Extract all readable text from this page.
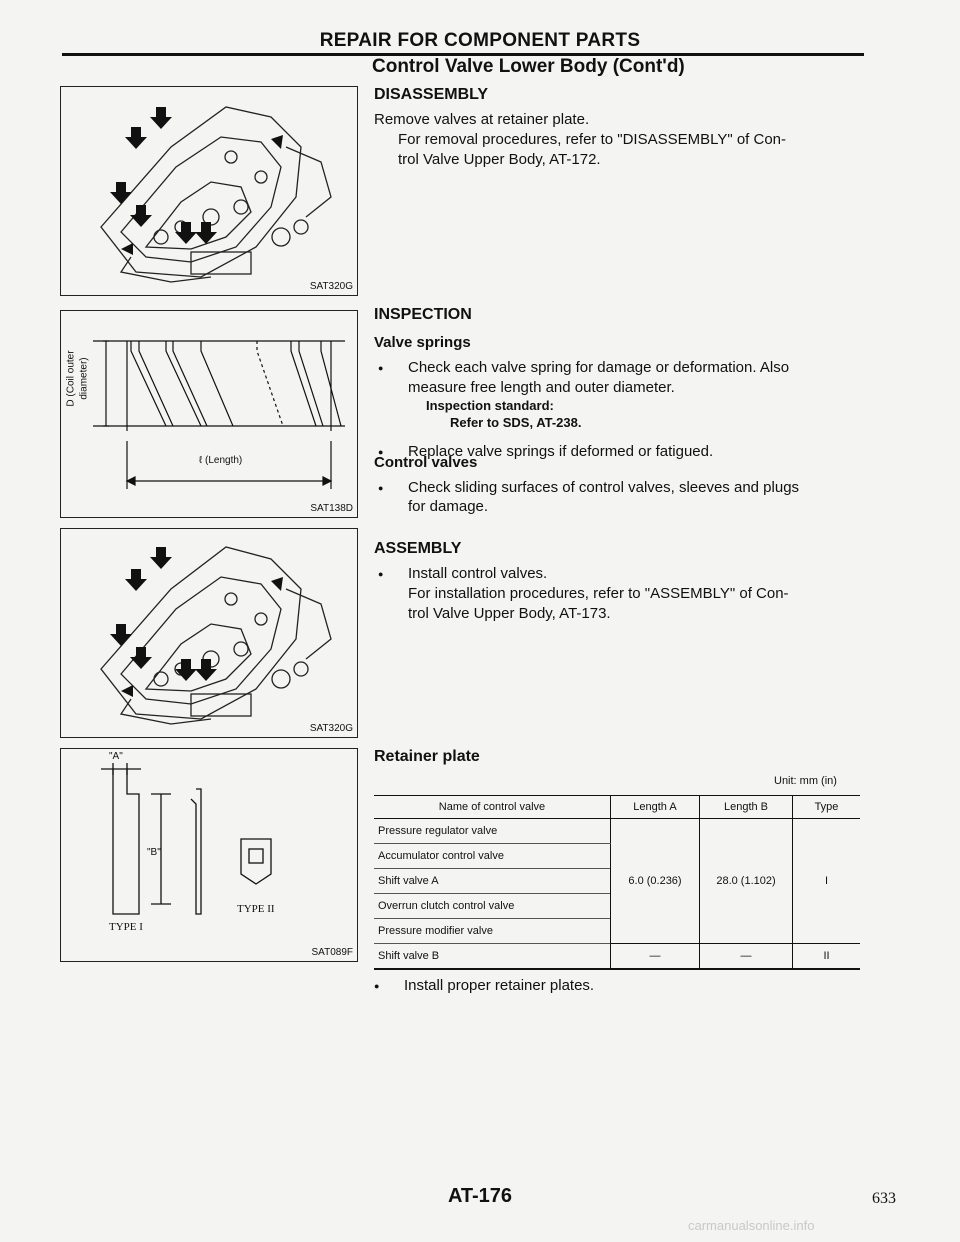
REPAIR FOR COMPONENT PARTS
Control Valve Lower Body (Cont'd)
SAT320G
D (Coil outer diameter)
ℓ (Length)
SAT138D
SAT320G
"A"
"B"
TYPE I
TYPE II
SAT089F
DISASSEMBLY
Remove valves at retainer plate.
For removal procedures, refer to "DISASSEMBLY" of Con-
trol Valve Upper Body, AT-172.
INSPECTION
Valve springs
● Check each valve spring for damage or deformation. Also
measure free length and outer diameter.
Inspection standard:
Refer to SDS, AT-238.
● Replace valve springs if deformed or fatigued.
Control valves
● Check sliding surfaces of control valves, sleeves and plugs
for damage.
ASSEMBLY
● Install control valves.
For installation procedures, refer to "ASSEMBLY" of Con-
trol Valve Upper Body, AT-173.
Retainer plate
Unit: mm (in)
Name of control valve	Length A	Length B	Type
Pressure regulator valve	6.0 (0.236)	28.0 (1.102)	I
Accumulator control valve			
Shift valve A			
Overrun clutch control valve			
Pressure modifier valve			
Shift valve B	—	—	II
● Install proper retainer plates.
AT-176	633
carmanualsonline.info
